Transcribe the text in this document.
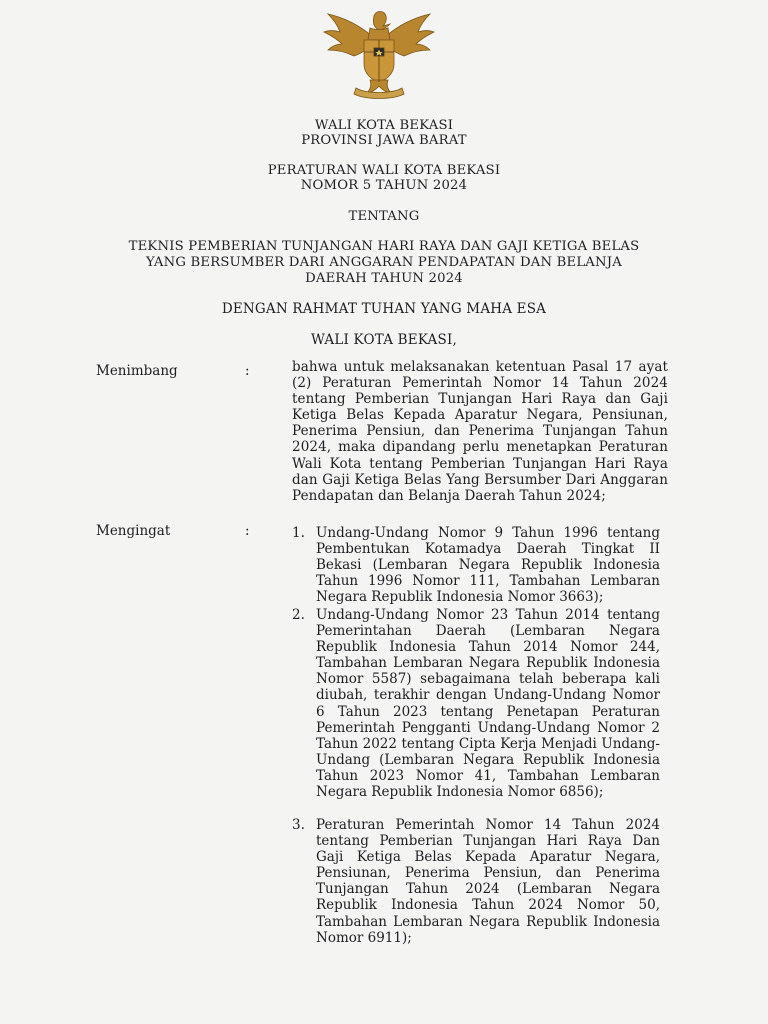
WALI KOTA BEKASI
PROVINSI JAWA BARAT
PERATURAN WALI KOTA BEKASI
NOMOR 5 TAHUN 2024
TENTANG
TEKNIS PEMBERIAN TUNJANGAN HARI RAYA DAN GAJI KETIGA BELAS
YANG BERSUMBER DARI ANGGARAN PENDAPATAN DAN BELANJA
DAERAH TAHUN 2024
DENGAN RAHMAT TUHAN YANG MAHA ESA
WALI KOTA BEKASI,
Menimbang	:	bahwa untuk melaksanakan ketentuan Pasal 17 ayat (2) Peraturan Pemerintah Nomor 14 Tahun 2024 tentang Pemberian Tunjangan Hari Raya dan Gaji Ketiga Belas Kepada Aparatur Negara, Pensiunan, Penerima Pensiun, dan Penerima Tunjangan Tahun 2024, maka dipandang perlu menetapkan Peraturan Wali Kota tentang Pemberian Tunjangan Hari Raya dan Gaji Ketiga Belas Yang Bersumber Dari Anggaran Pendapatan dan Belanja Daerah Tahun 2024;
Mengingat	:	1. Undang-Undang Nomor 9 Tahun 1996 tentang Pembentukan Kotamadya Daerah Tingkat II Bekasi (Lembaran Negara Republik Indonesia Tahun 1996 Nomor 111, Tambahan Lembaran Negara Republik Indonesia Nomor 3663);
2. Undang-Undang Nomor 23 Tahun 2014 tentang Pemerintahan Daerah (Lembaran Negara Republik Indonesia Tahun 2014 Nomor 244, Tambahan Lembaran Negara Republik Indonesia Nomor 5587) sebagaimana telah beberapa kali diubah, terakhir dengan Undang-Undang Nomor 6 Tahun 2023 tentang Penetapan Peraturan Pemerintah Pengganti Undang-Undang Nomor 2 Tahun 2022 tentang Cipta Kerja Menjadi Undang-Undang (Lembaran Negara Republik Indonesia Tahun 2023 Nomor 41, Tambahan Lembaran Negara Republik Indonesia Nomor 6856);
3. Peraturan Pemerintah Nomor 14 Tahun 2024 tentang Pemberian Tunjangan Hari Raya Dan Gaji Ketiga Belas Kepada Aparatur Negara, Pensiunan, Penerima Pensiun, dan Penerima Tunjangan Tahun 2024 (Lembaran Negara Republik Indonesia Tahun 2024 Nomor 50, Tambahan Lembaran Negara Republik Indonesia Nomor 6911);
